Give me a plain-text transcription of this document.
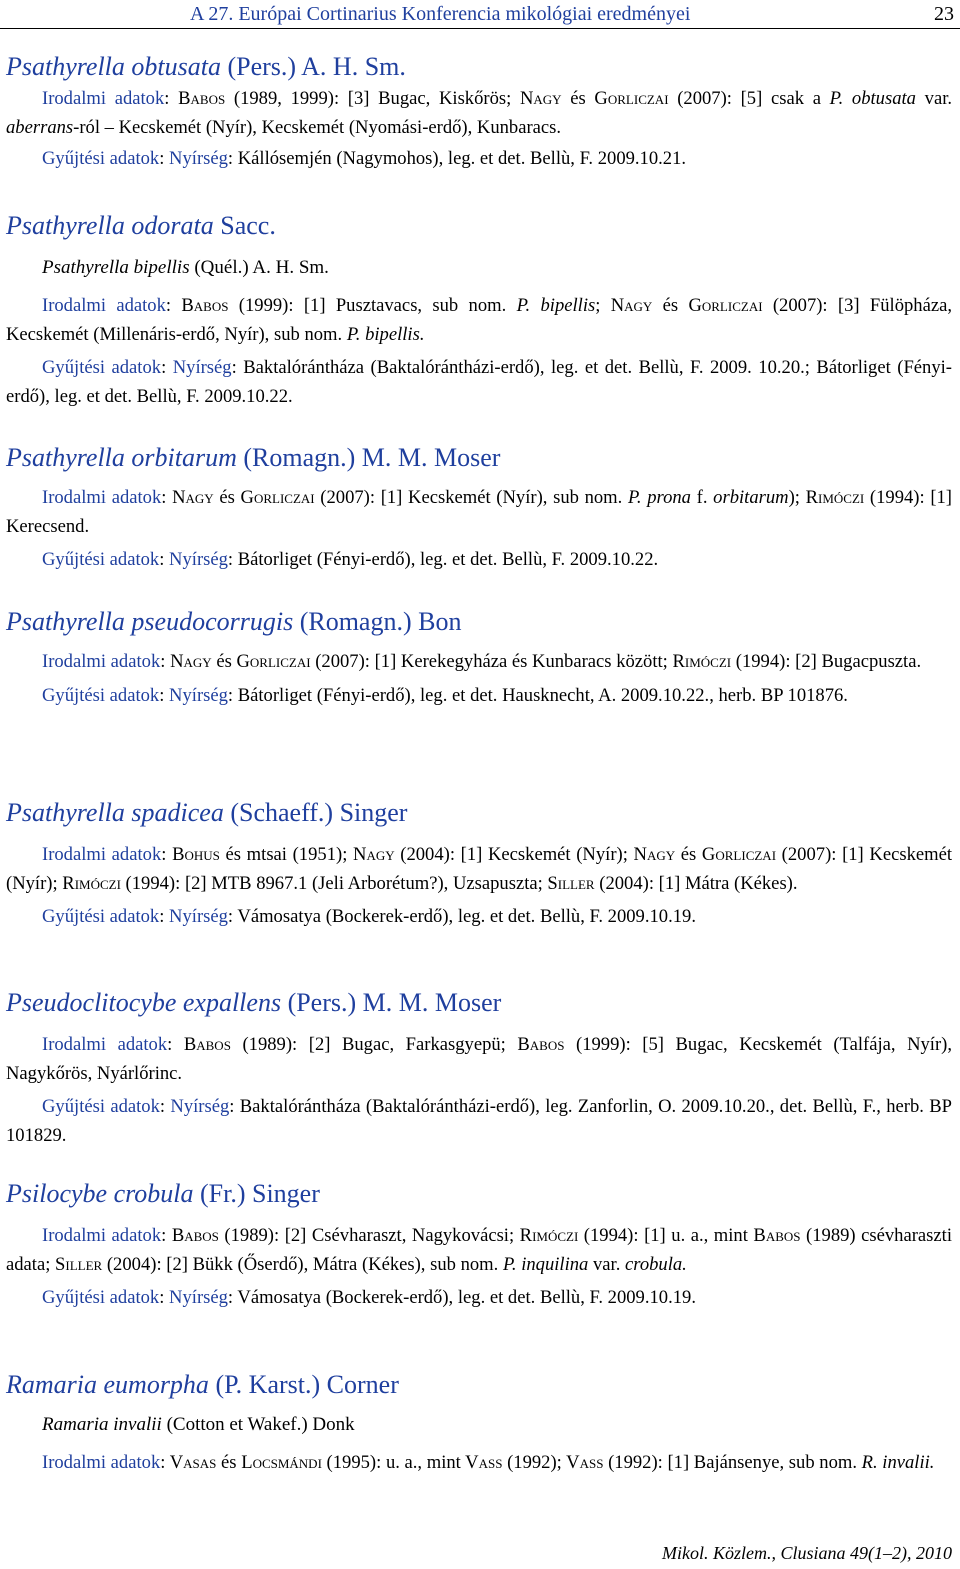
A 27. Európai Cortinarius Konferencia mikológiai eredményei	23

Psathyrella obtusata (Pers.) A. H. Sm.

Irodalmi adatok: Babos (1989, 1999): [3] Bugac, Kiskőrös; Nagy és Gorliczai (2007): [5] csak a P. obtusata var. aberrans-ról – Kecskemét (Nyír), Kecskemét (Nyomási-erdő), Kunbaracs.

Gyűjtési adatok: Nyírség: Kállósemjén (Nagymohos), leg. et det. Bellù, F. 2009.10.21.

Psathyrella odorata Sacc.

Psathyrella bipellis (Quél.) A. H. Sm.

Irodalmi adatok: Babos (1999): [1] Pusztavacs, sub nom. P. bipellis; Nagy és Gorliczai (2007): [3] Fülöpháza, Kecskemét (Millenáris-erdő, Nyír), sub nom. P. bipellis.

Gyűjtési adatok: Nyírség: Baktalórántháza (Baktalórántházi-erdő), leg. et det. Bellù, F. 2009. 10.20.; Bátorliget (Fényi-erdő), leg. et det. Bellù, F. 2009.10.22.

Psathyrella orbitarum (Romagn.) M. M. Moser

Irodalmi adatok: Nagy és Gorliczai (2007): [1] Kecskemét (Nyír), sub nom. P. prona f. orbitarum); Rimóczi (1994): [1] Kerecsend.

Gyűjtési adatok: Nyírség: Bátorliget (Fényi-erdő), leg. et det. Bellù, F. 2009.10.22.

Psathyrella pseudocorrugis (Romagn.) Bon

Irodalmi adatok: Nagy és Gorliczai (2007): [1] Kerekegyháza és Kunbaracs között; Rimóczi (1994): [2] Bugacpuszta.

Gyűjtési adatok: Nyírség: Bátorliget (Fényi-erdő), leg. et det. Hausknecht, A. 2009.10.22., herb. BP 101876.

Psathyrella spadicea (Schaeff.) Singer

Irodalmi adatok: Bohus és mtsai (1951); Nagy (2004): [1] Kecskemét (Nyír); Nagy és Gorliczai (2007): [1] Kecskemét (Nyír); Rimóczi (1994): [2] MTB 8967.1 (Jeli Arborétum?), Uzsapuszta; Siller (2004): [1] Mátra (Kékes).

Gyűjtési adatok: Nyírség: Vámosatya (Bockerek-erdő), leg. et det. Bellù, F. 2009.10.19.

Pseudoclitocybe expallens (Pers.) M. M. Moser

Irodalmi adatok: Babos (1989): [2] Bugac, Farkasgyepü; Babos (1999): [5] Bugac, Kecskemét (Talfája, Nyír), Nagykőrös, Nyárlőrinc.

Gyűjtési adatok: Nyírség: Baktalórántháza (Baktalórántházi-erdő), leg. Zanforlin, O. 2009.10.20., det. Bellù, F., herb. BP 101829.

Psilocybe crobula (Fr.) Singer

Irodalmi adatok: Babos (1989): [2] Csévharaszt, Nagykovácsi; Rimóczi (1994): [1] u. a., mint Babos (1989) csévharaszti adata; Siller (2004): [2] Bükk (Őserdő), Mátra (Kékes), sub nom. P. inquilina var. crobula.

Gyűjtési adatok: Nyírség: Vámosatya (Bockerek-erdő), leg. et det. Bellù, F. 2009.10.19.

Ramaria eumorpha (P. Karst.) Corner

Ramaria invalii (Cotton et Wakef.) Donk

Irodalmi adatok: Vasas és Locsmándi (1995): u. a., mint Vass (1992); Vass (1992): [1] Bajánsenye, sub nom. R. invalii.

Mikol. Közlem., Clusiana 49(1–2), 2010
